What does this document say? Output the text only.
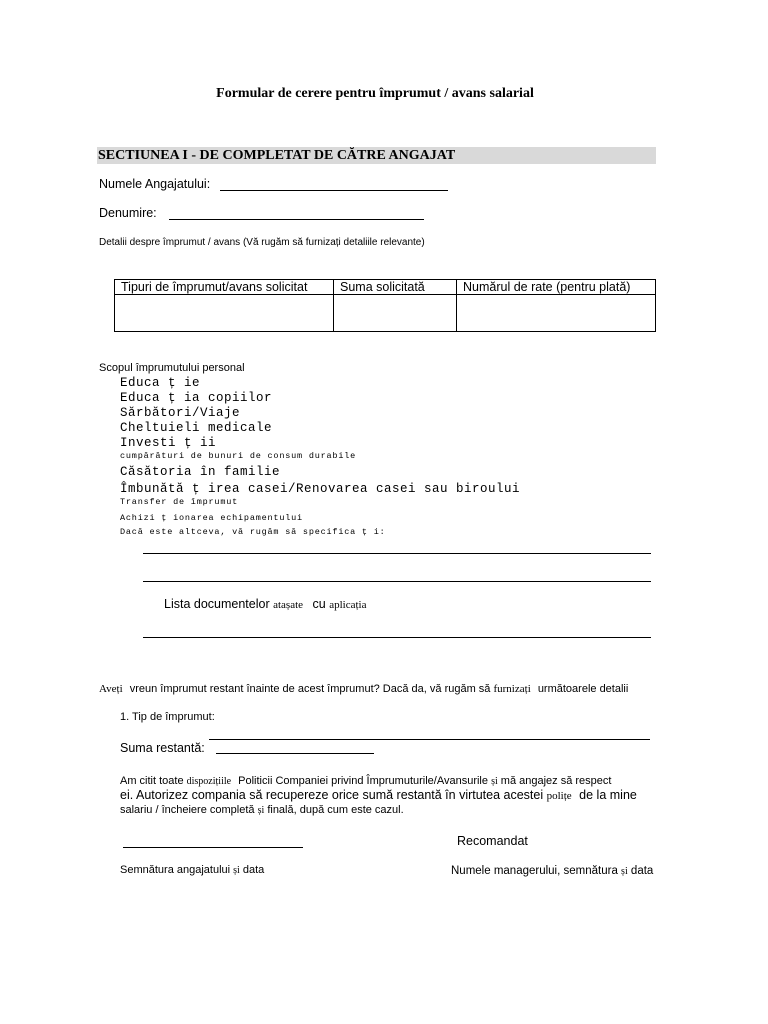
Formular de cerere pentru împrumut / avans salarial
SECTIUNEA I - DE COMPLETAT DE CĂTRE ANGAJAT
Numele Angajatului:
Denumire:
Detalii despre împrumut / avans (Vă rugăm să furnizați detaliile relevante)
Tipuri de împrumut/avans solicitat	Suma solicitată	Numărul de rate (pentru plată)

Scopul împrumutului personal
Educa ț ie
Educa ț ia copiilor
Sărbători/Viaje
Cheltuieli medicale
Investi ț ii
cumpărături de bunuri de consum durabile
Căsătoria în familie
Îmbunătă ț irea casei/Renovarea casei sau biroului
Transfer de împrumut
Achizi ț ionarea echipamentului
Dacă este altceva, vă rugăm să specifica ț i:
Lista documentelor atașate cu aplicația
Aveți vreun împrumut restant înainte de acest împrumut? Dacă da, vă rugăm să furnizați următoarele detalii
1. Tip de împrumut:
Suma restantă:
Am citit toate dispozițiile Politicii Companiei privind Împrumuturile/Avansurile și mă angajez să respect
ei. Autorizez compania să recupereze orice sumă restantă în virtutea acestei polițe de la mine
salariu / încheiere completă și finală, după cum este cazul.
Recomandat
Semnătura angajatului și data	Numele managerului, semnătura și data
